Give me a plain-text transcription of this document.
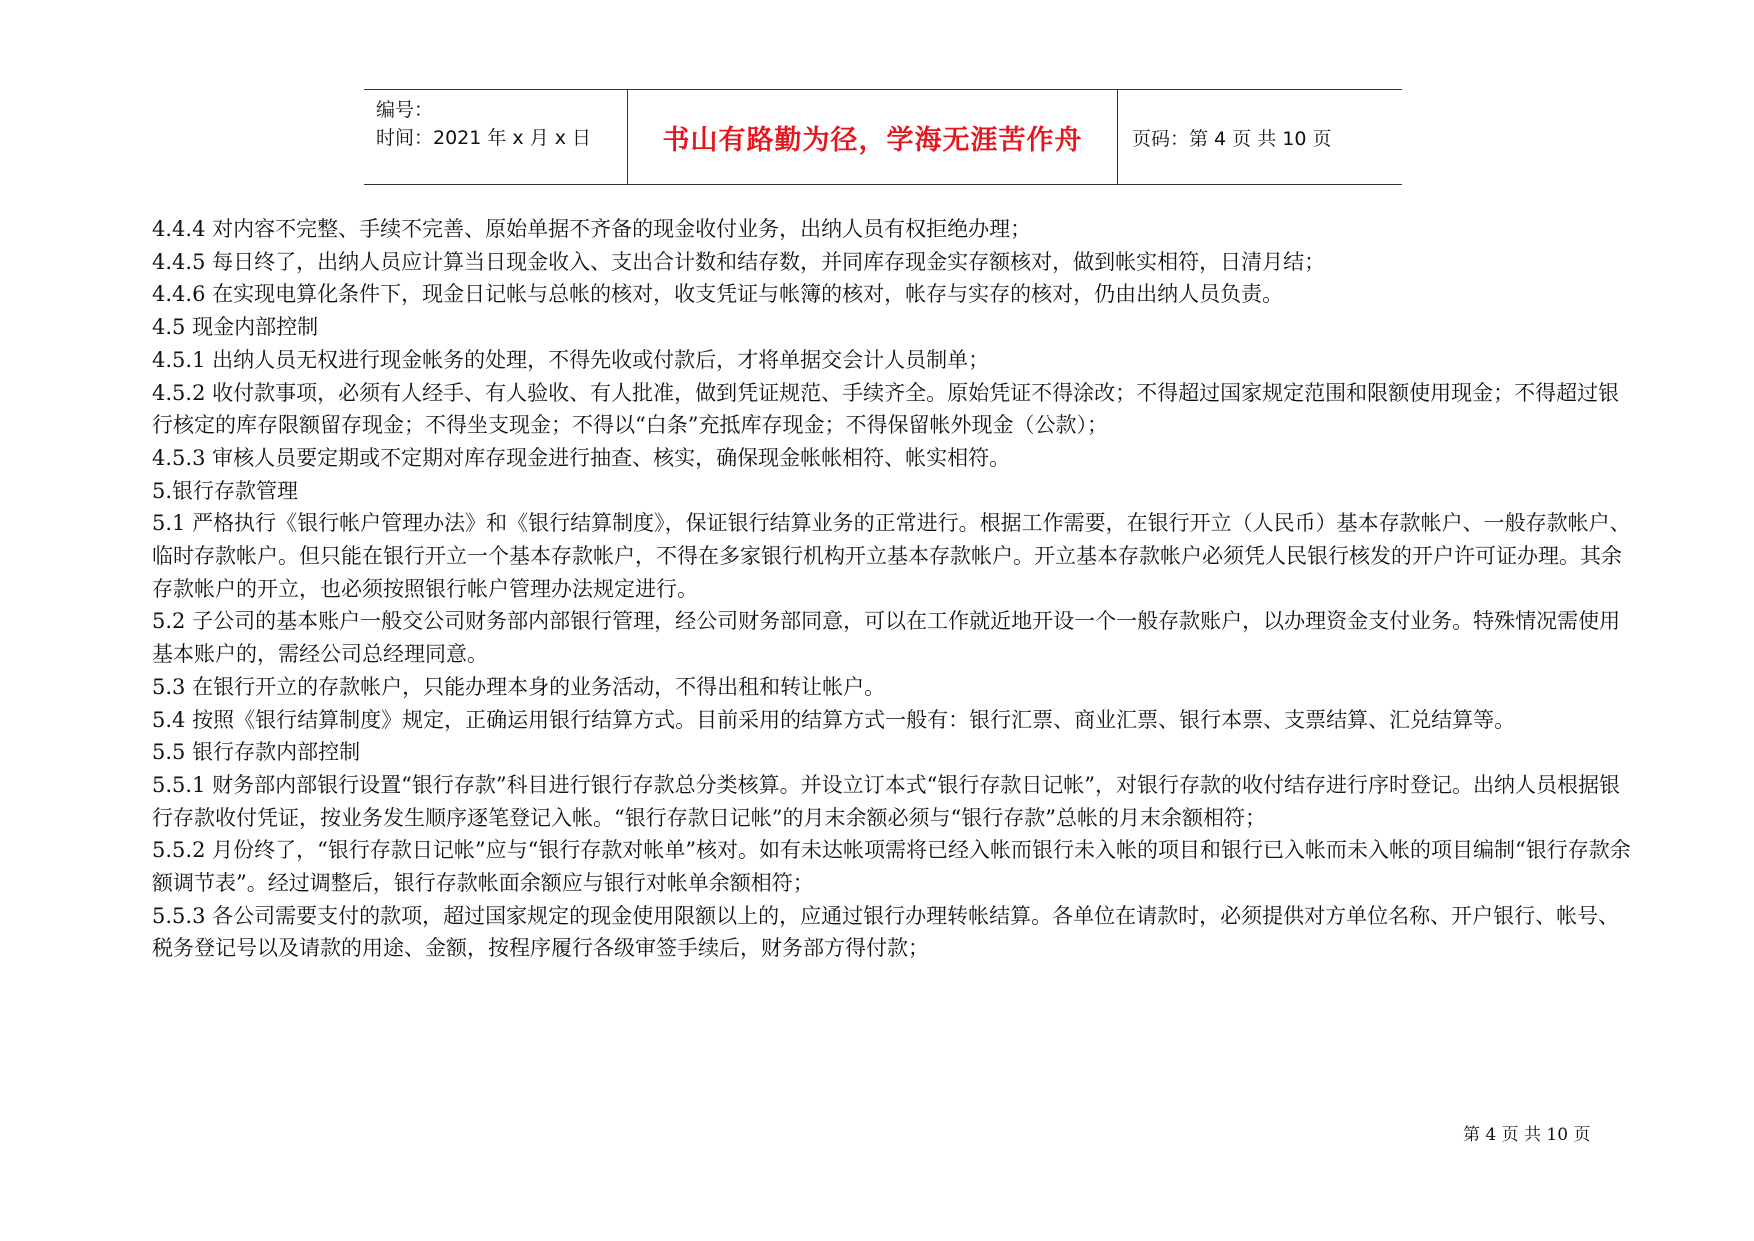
编号：
时间：2021 年 x 月 x 日	书山有路勤为径，学海无涯苦作舟	页码：第 4 页 共 10 页

4.4.4 对内容不完整、手续不完善、原始单据不齐备的现金收付业务，出纳人员有权拒绝办理；

4.4.5 每日终了，出纳人员应计算当日现金收入、支出合计数和结存数，并同库存现金实存额核对，做到帐实相符，日清月结；

4.4.6 在实现电算化条件下，现金日记帐与总帐的核对，收支凭证与帐簿的核对，帐存与实存的核对，仍由出纳人员负责。

4.5 现金内部控制

4.5.1 出纳人员无权进行现金帐务的处理，不得先收或付款后，才将单据交会计人员制单；

4.5.2 收付款事项，必须有人经手、有人验收、有人批准，做到凭证规范、手续齐全。原始凭证不得涂改；不得超过国家规定范围和限额使用现金；不得超过银行核定的库存限额留存现金；不得坐支现金；不得以“白条”充抵库存现金；不得保留帐外现金（公款）；

4.5.3 审核人员要定期或不定期对库存现金进行抽查、核实，确保现金帐帐相符、帐实相符。

5.银行存款管理

5.1 严格执行《银行帐户管理办法》和《银行结算制度》，保证银行结算业务的正常进行。根据工作需要，在银行开立（人民币）基本存款帐户、一般存款帐户、临时存款帐户。但只能在银行开立一个基本存款帐户，不得在多家银行机构开立基本存款帐户。开立基本存款帐户必须凭人民银行核发的开户许可证办理。其余存款帐户的开立，也必须按照银行帐户管理办法规定进行。

5.2 子公司的基本账户一般交公司财务部内部银行管理，经公司财务部同意，可以在工作就近地开设一个一般存款账户，以办理资金支付业务。特殊情况需使用基本账户的，需经公司总经理同意。

5.3 在银行开立的存款帐户，只能办理本身的业务活动，不得出租和转让帐户。

5.4 按照《银行结算制度》规定，正确运用银行结算方式。目前采用的结算方式一般有：银行汇票、商业汇票、银行本票、支票结算、汇兑结算等。

5.5 银行存款内部控制

5.5.1 财务部内部银行设置“银行存款”科目进行银行存款总分类核算。并设立订本式“银行存款日记帐”，对银行存款的收付结存进行序时登记。出纳人员根据银行存款收付凭证，按业务发生顺序逐笔登记入帐。“银行存款日记帐”的月末余额必须与“银行存款”总帐的月末余额相符；

5.5.2 月份终了，“银行存款日记帐”应与“银行存款对帐单”核对。如有未达帐项需将已经入帐而银行未入帐的项目和银行已入帐而未入帐的项目编制“银行存款余额调节表”。经过调整后，银行存款帐面余额应与银行对帐单余额相符；

5.5.3 各公司需要支付的款项，超过国家规定的现金使用限额以上的，应通过银行办理转帐结算。各单位在请款时，必须提供对方单位名称、开户银行、帐号、税务登记号以及请款的用途、金额，按程序履行各级审签手续后，财务部方得付款；

第 4 页 共 10 页
